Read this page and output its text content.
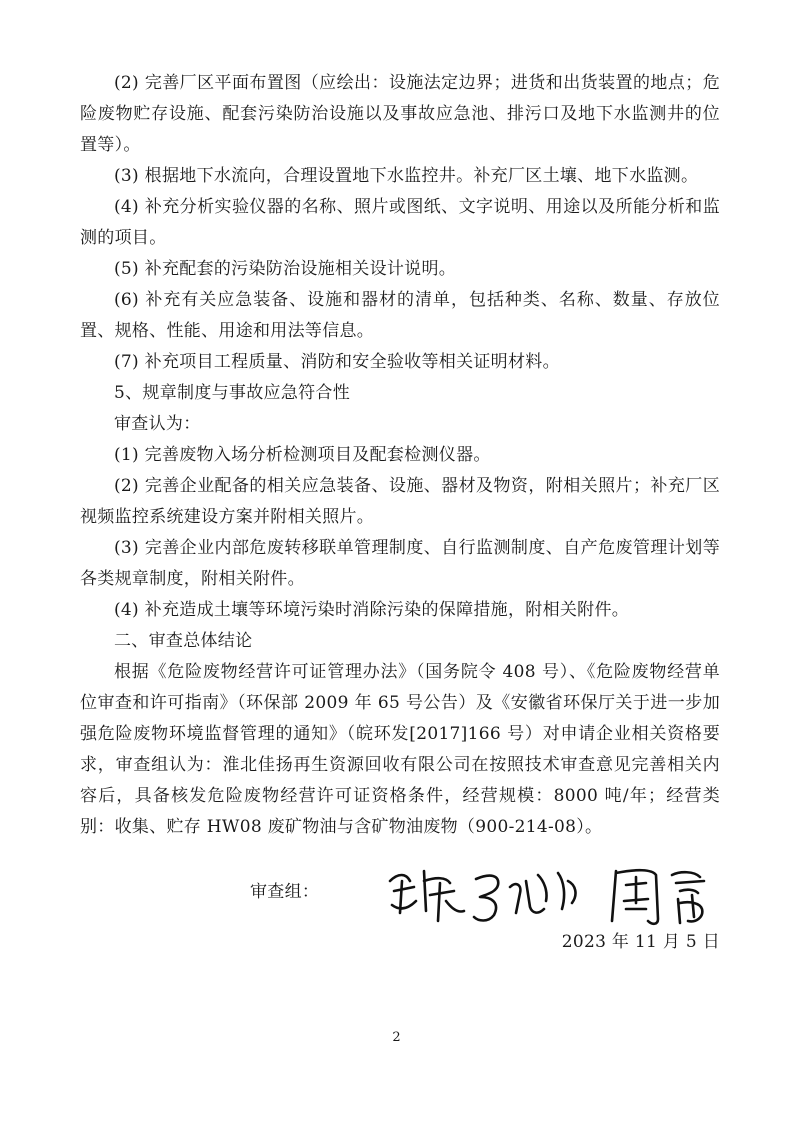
(2) 完善厂区平面布置图（应绘出：设施法定边界；进货和出货装置的地点；危险废物贮存设施、配套污染防治设施以及事故应急池、排污口及地下水监测井的位置等）。

(3) 根据地下水流向，合理设置地下水监控井。补充厂区土壤、地下水监测。

(4) 补充分析实验仪器的名称、照片或图纸、文字说明、用途以及所能分析和监测的项目。

(5) 补充配套的污染防治设施相关设计说明。

(6) 补充有关应急装备、设施和器材的清单，包括种类、名称、数量、存放位置、规格、性能、用途和用法等信息。

(7) 补充项目工程质量、消防和安全验收等相关证明材料。

5、规章制度与事故应急符合性

审查认为：

(1) 完善废物入场分析检测项目及配套检测仪器。

(2) 完善企业配备的相关应急装备、设施、器材及物资，附相关照片；补充厂区视频监控系统建设方案并附相关照片。

(3) 完善企业内部危废转移联单管理制度、自行监测制度、自产危废管理计划等各类规章制度，附相关附件。

(4) 补充造成土壤等环境污染时消除污染的保障措施，附相关附件。

二、审查总体结论

根据《危险废物经营许可证管理办法》（国务院令 408 号）、《危险废物经营单位审查和许可指南》（环保部 2009 年 65 号公告）及《安徽省环保厅关于进一步加强危险废物环境监督管理的通知》（皖环发[2017]166 号）对申请企业相关资格要求，审查组认为：淮北佳扬再生资源回收有限公司在按照技术审查意见完善相关内容后，具备核发危险废物经营许可证资格条件，经营规模：8000 吨/年；经营类别：收集、贮存 HW08 废矿物油与含矿物油废物（900-214-08）。

审查组：
2023 年 11 月 5 日
2
